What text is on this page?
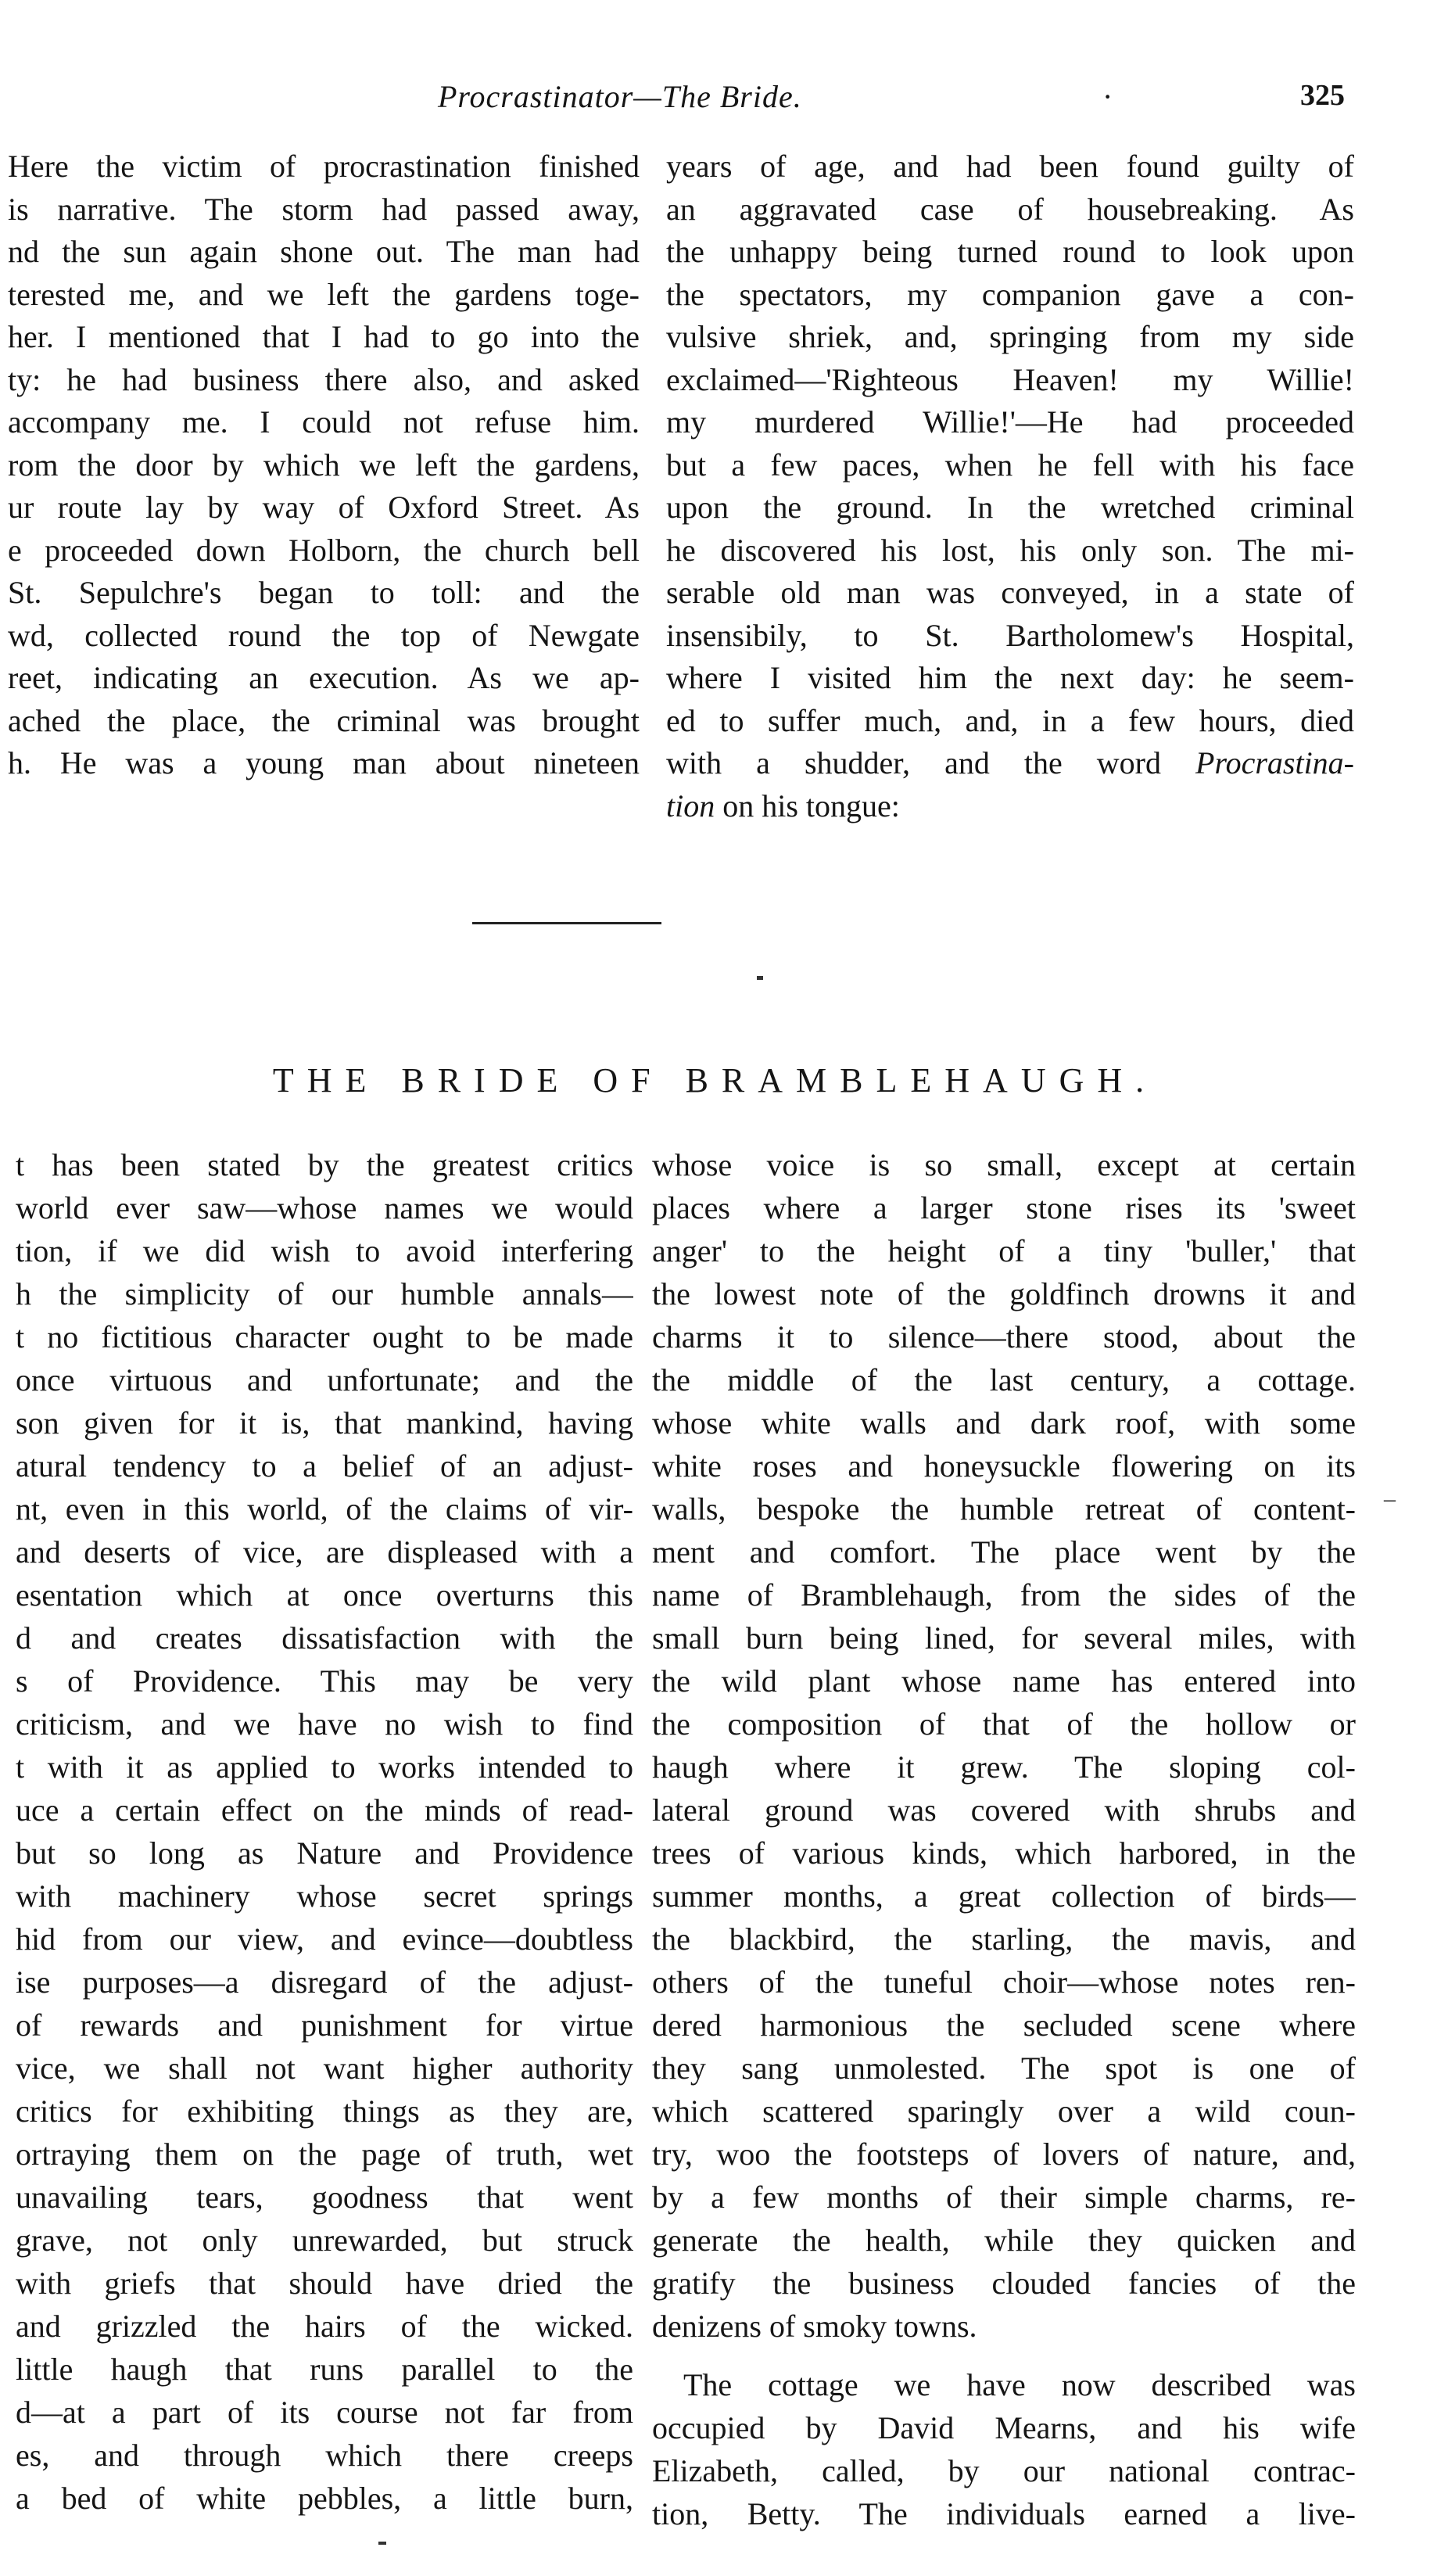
Procrastinator—The Bride.	·	325
Here the victim of procrastination finished
is narrative. The storm had passed away,
nd the sun again shone out. The man had
terested me, and we left the gardens toge-
her. I mentioned that I had to go into the
ty: he had business there also, and asked
accompany me. I could not refuse him.
rom the door by which we left the gardens,
ur route lay by way of Oxford Street. As
e proceeded down Holborn, the church bell
St. Sepulchre's began to toll: and the
wd, collected round the top of Newgate
reet, indicating an execution. As we ap-
ached the place, the criminal was brought
h. He was a young man about nineteen
years of age, and had been found guilty of
an aggravated case of housebreaking. As
the unhappy being turned round to look upon
the spectators, my companion gave a con-
vulsive shriek, and, springing from my side
exclaimed—'Righteous Heaven! my Willie!
my murdered Willie!'—He had proceeded
but a few paces, when he fell with his face
upon the ground. In the wretched criminal
he discovered his lost, his only son. The mi-
serable old man was conveyed, in a state of
insensibily, to St. Bartholomew's Hospital,
where I visited him the next day: he seem-
ed to suffer much, and, in a few hours, died
with a shudder, and the word Procrastina-
tion on his tongue:
THE BRIDE OF BRAMBLEHAUGH.
t has been stated by the greatest critics
world ever saw—whose names we would
tion, if we did wish to avoid interfering
h the simplicity of our humble annals—
t no fictitious character ought to be made
once virtuous and unfortunate; and the
son given for it is, that mankind, having
atural tendency to a belief of an adjust-
nt, even in this world, of the claims of vir-
and deserts of vice, are displeased with a
esentation which at once overturns this
d and creates dissatisfaction with the
s of Providence. This may be very
criticism, and we have no wish to find
t with it as applied to works intended to
uce a certain effect on the minds of read-
but so long as Nature and Providence
with machinery whose secret springs
hid from our view, and evince—doubtless
ise purposes—a disregard of the adjust-
of rewards and punishment for virtue
vice, we shall not want higher authority
critics for exhibiting things as they are,
ortraying them on the page of truth, wet
unavailing tears, goodness that went
grave, not only unrewarded, but struck
with griefs that should have dried the
and grizzled the hairs of the wicked.
little haugh that runs parallel to the
d—at a part of its course not far from
es, and through which there creeps
a bed of white pebbles, a little burn,
whose voice is so small, except at certain
places where a larger stone rises its 'sweet
anger' to the height of a tiny 'buller,' that
the lowest note of the goldfinch drowns it and
charms it to silence—there stood, about the
the middle of the last century, a cottage.
whose white walls and dark roof, with some
white roses and honeysuckle flowering on its
walls, bespoke the humble retreat of content-
ment and comfort. The place went by the
name of Bramblehaugh, from the sides of the
small burn being lined, for several miles, with
the wild plant whose name has entered into
the composition of that of the hollow or
haugh where it grew. The sloping col-
lateral ground was covered with shrubs and
trees of various kinds, which harbored, in the
summer months, a great collection of birds—
the blackbird, the starling, the mavis, and
others of the tuneful choir—whose notes ren-
dered harmonious the secluded scene where
they sang unmolested. The spot is one of
which scattered sparingly over a wild coun-
try, woo the footsteps of lovers of nature, and,
by a few months of their simple charms, re-
generate the health, while they quicken and
gratify the business clouded fancies of the
denizens of smoky towns.
The cottage we have now described was
occupied by David Mearns, and his wife
Elizabeth, called, by our national contrac-
tion, Betty. The individuals earned a live-
–
